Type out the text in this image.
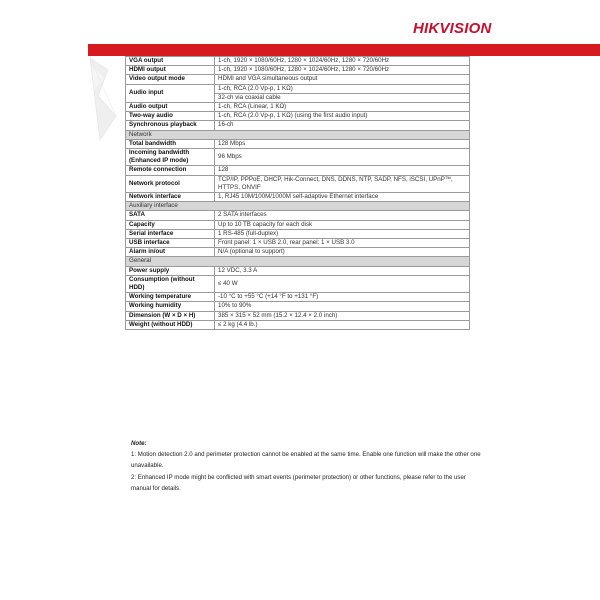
HIKVISION
VGA output	1-ch, 1920 × 1080/60Hz, 1280 × 1024/60Hz, 1280 × 720/60Hz
HDMI output	1-ch, 1920 × 1080/60Hz, 1280 × 1024/60Hz, 1280 × 720/60Hz
Video output mode	HDMI and VGA simultaneous output
Audio input	1-ch, RCA (2.0 Vp-p, 1 KΩ)
	32-ch via coaxial cable
Audio output	1-ch, RCA (Linear, 1 KΩ)
Two-way audio	1-ch, RCA (2.0 Vp-p, 1 KΩ) (using the first audio input)
Synchronous playback	16-ch
Network	
Total bandwidth	128 Mbps
Incoming bandwidth (Enhanced IP mode)	96 Mbps
Remote connection	128
Network protocol	TCP/IP, PPPoE, DHCP, Hik-Connect, DNS, DDNS, NTP, SADP, NFS, iSCSI, UPnP™, HTTPS, ONVIF
Network interface	1, RJ45 10M/100M/1000M self-adaptive Ethernet interface
Auxiliary interface	
SATA	2 SATA interfaces
Capacity	Up to 10 TB capacity for each disk
Serial interface	1 RS-485 (full-duplex)
USB interface	Front panel: 1 × USB 2.0, rear panel: 1 × USB 3.0
Alarm in/out	N/A (optional to support)
General	
Power supply	12 VDC, 3.3 A
Consumption (without HDD)	≤ 40 W
Working temperature	-10 °C to +55 °C (+14 °F to +131 °F)
Working humidity	10% to 90%
Dimension (W × D × H)	385 × 315 × 52 mm (15.2 × 12.4 × 2.0 inch)
Weight (without HDD)	≤ 2 kg (4.4 lb.)
Note:
1: Motion detection 2.0 and perimeter protection cannot be enabled at the same time. Enable one function will make the other one unavailable.
2: Enhanced IP mode might be conflicted with smart events (perimeter protection) or other functions, please refer to the user manual for details.
